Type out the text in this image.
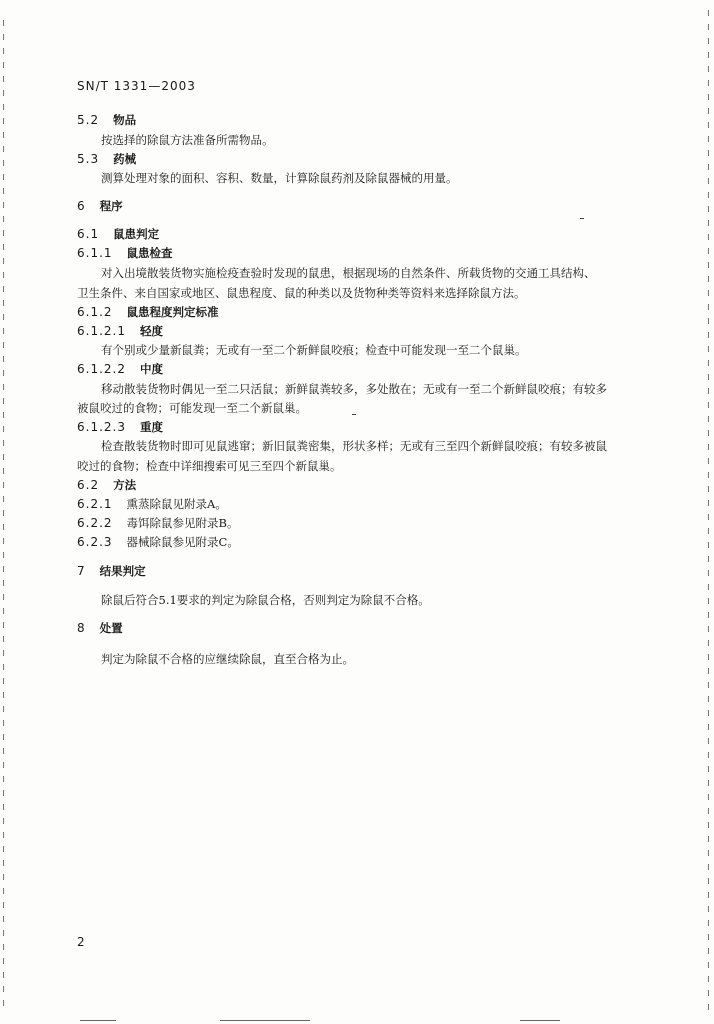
SN/T 1331—2003
5.2 物品
按选择的除鼠方法准备所需物品。
5.3 药械
测算处理对象的面积、容积、数量，计算除鼠药剂及除鼠器械的用量。
6 程序
6.1 鼠患判定
6.1.1 鼠患检查
对入出境散装货物实施检疫查验时发现的鼠患，根据现场的自然条件、所载货物的交通工具结构、
卫生条件、来自国家或地区、鼠患程度、鼠的种类以及货物种类等资料来选择除鼠方法。
6.1.2 鼠患程度判定标准
6.1.2.1 轻度
有个别或少量新鼠粪；无或有一至二个新鲜鼠咬痕；检查中可能发现一至二个鼠巢。
6.1.2.2 中度
移动散装货物时偶见一至二只活鼠；新鲜鼠粪较多，多处散在；无或有一至二个新鲜鼠咬痕；有较多
被鼠咬过的食物；可能发现一至二个新鼠巢。
6.1.2.3 重度
检查散装货物时即可见鼠逃窜；新旧鼠粪密集，形状多样；无或有三至四个新鲜鼠咬痕；有较多被鼠
咬过的食物；检查中详细搜索可见三至四个新鼠巢。
6.2 方法
6.2.1 熏蒸除鼠见附录A。
6.2.2 毒饵除鼠参见附录B。
6.2.3 器械除鼠参见附录C。
7 结果判定
除鼠后符合5.1要求的判定为除鼠合格，否则判定为除鼠不合格。
8 处置
判定为除鼠不合格的应继续除鼠，直至合格为止。
2
